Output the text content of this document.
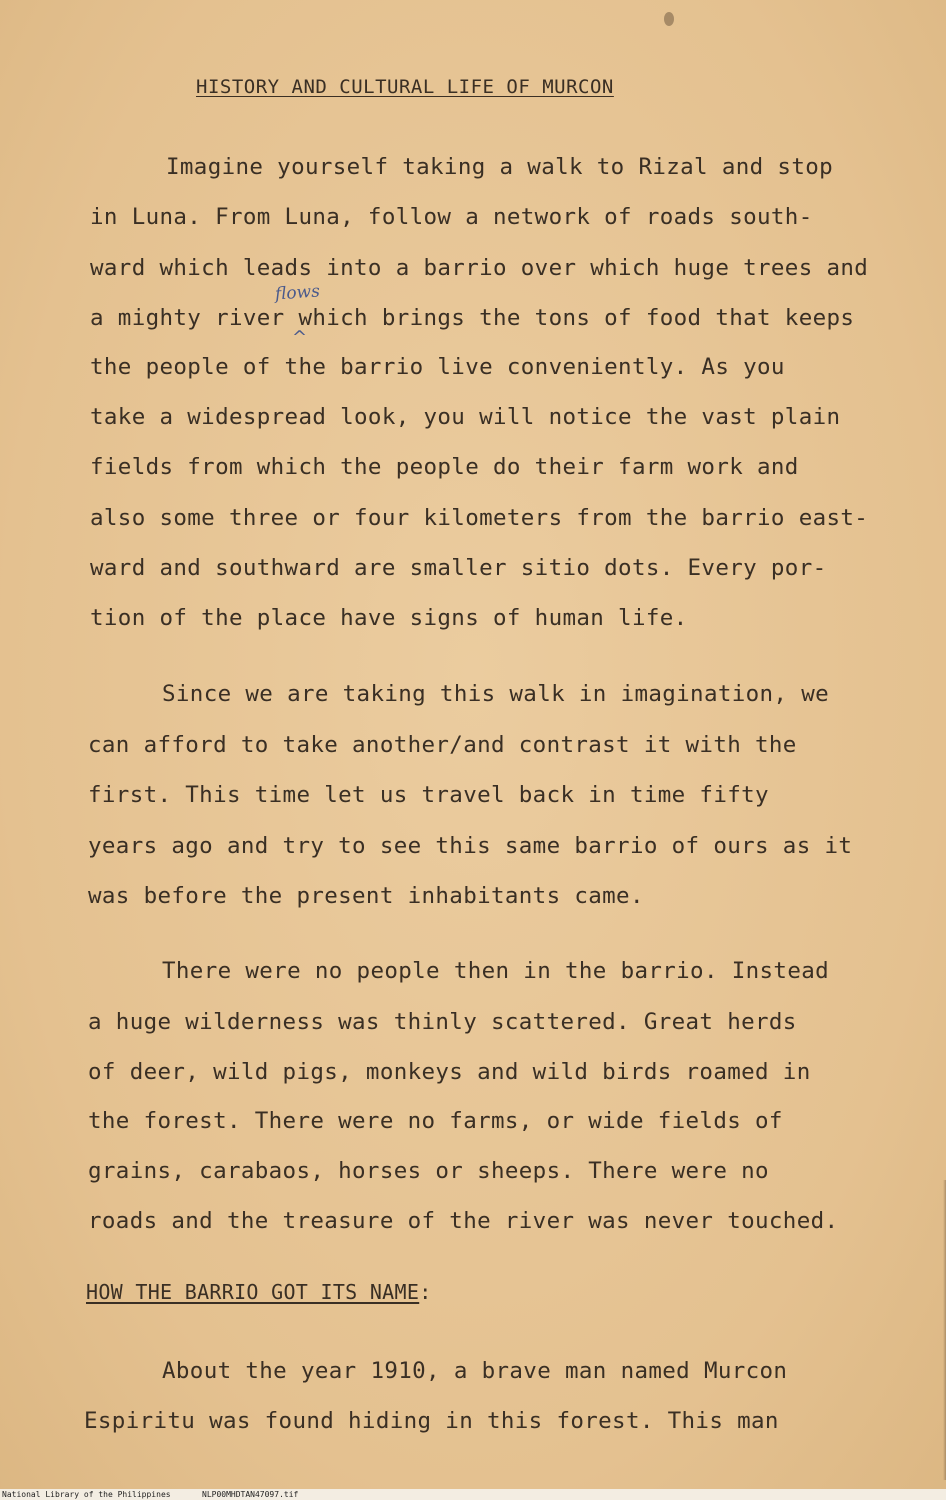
HISTORY AND CULTURAL LIFE OF MURCON
Imagine yourself taking a walk to Rizal and stop
in Luna. From Luna, follow a network of roads south-
ward which leads into a barrio over which huge trees and
a mighty river which brings the tons of food that keeps
the people of the barrio live conveniently. As you
take a widespread look, you will notice the vast plain
fields from which the people do their farm work and
also some three or four kilometers from the barrio east-
ward and southward are smaller sitio dots. Every por-
tion of the place have signs of human life.
flows
^
Since we are taking this walk in imagination, we
can afford to take another/and contrast it with the
first. This time let us travel back in time fifty
years ago and try to see this same barrio of ours as it
was before the present inhabitants came.
There were no people then in the barrio. Instead
a huge wilderness was thinly scattered. Great herds
of deer, wild pigs, monkeys and wild birds roamed in
the forest. There were no farms, or wide fields of
grains, carabaos, horses or sheeps. There were no
roads and the treasure of the river was never touched.
HOW THE BARRIO GOT ITS NAME:
About the year 1910, a brave man named Murcon
Espiritu was found hiding in this forest. This man
National Library of the Philippines	NLP00MHDTAN47097.tif
